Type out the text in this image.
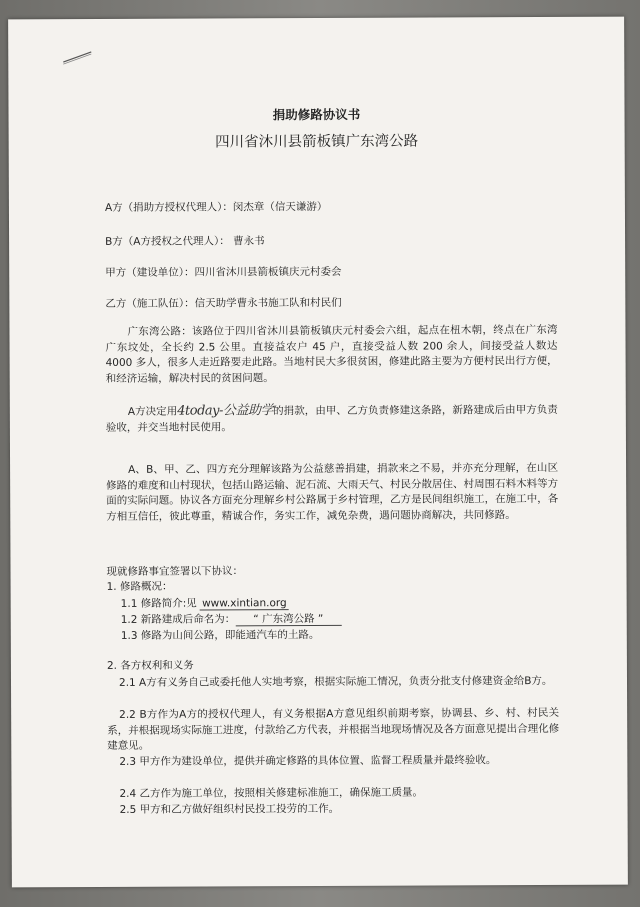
捐助修路协议书
四川省沐川县箭板镇广东湾公路
A方（捐助方授权代理人）：闵杰章（信天谦游）
B方（A方授权之代理人）： 曹永书
甲方（建设单位）：四川省沐川县箭板镇庆元村委会
乙方（施工队伍）：信天助学曹永书施工队和村民们
广东湾公路：该路位于四川省沐川县箭板镇庆元村委会六组，起点在杻木朝，终点在广东湾广东坟处，全长约 2.5 公里。直接益农户 45 户，直接受益人数 200 余人，间接受益人数达 4000 多人，很多人走近路要走此路。当地村民大多很贫困，修建此路主要为方便村民出行方便，和经济运输，解决村民的贫困问题。
A方决定用4today-公益助学的捐款，由甲、乙方负责修建这条路，新路建成后由甲方负责验收，并交当地村民使用。
A、B、甲、乙、四方充分理解该路为公益慈善捐建，捐款来之不易，并亦充分理解，在山区修路的难度和山村现状，包括山路运输、泥石流、大雨天气、村民分散居住、村周围石料木料等方面的实际问题。协议各方面充分理解乡村公路属于乡村管理，乙方是民间组织施工，在施工中，各方相互信任，彼此尊重，精诚合作，务实工作，减免杂费，遇问题协商解决，共同修路。
现就修路事宜签署以下协议：
1. 修路概况：
1.1 修路简介:见 www.xintian.org
1.2 新路建成后命名为： “ 广东湾公路 ”
1.3 修路为山间公路，即能通汽车的土路。
2. 各方权利和义务
2.1 A方有义务自己或委托他人实地考察，根据实际施工情况，负责分批支付修建资金给B方。
2.2 B方作为A方的授权代理人，有义务根据A方意见组织前期考察，协调县、乡、村、村民关系，并根据现场实际施工进度，付款给乙方代表，并根据当地现场情况及各方面意见提出合理化修建意见。
2.3 甲方作为建设单位，提供并确定修路的具体位置、监督工程质量并最终验收。
2.4 乙方作为施工单位，按照相关修建标准施工，确保施工质量。
2.5 甲方和乙方做好组织村民投工投劳的工作。
